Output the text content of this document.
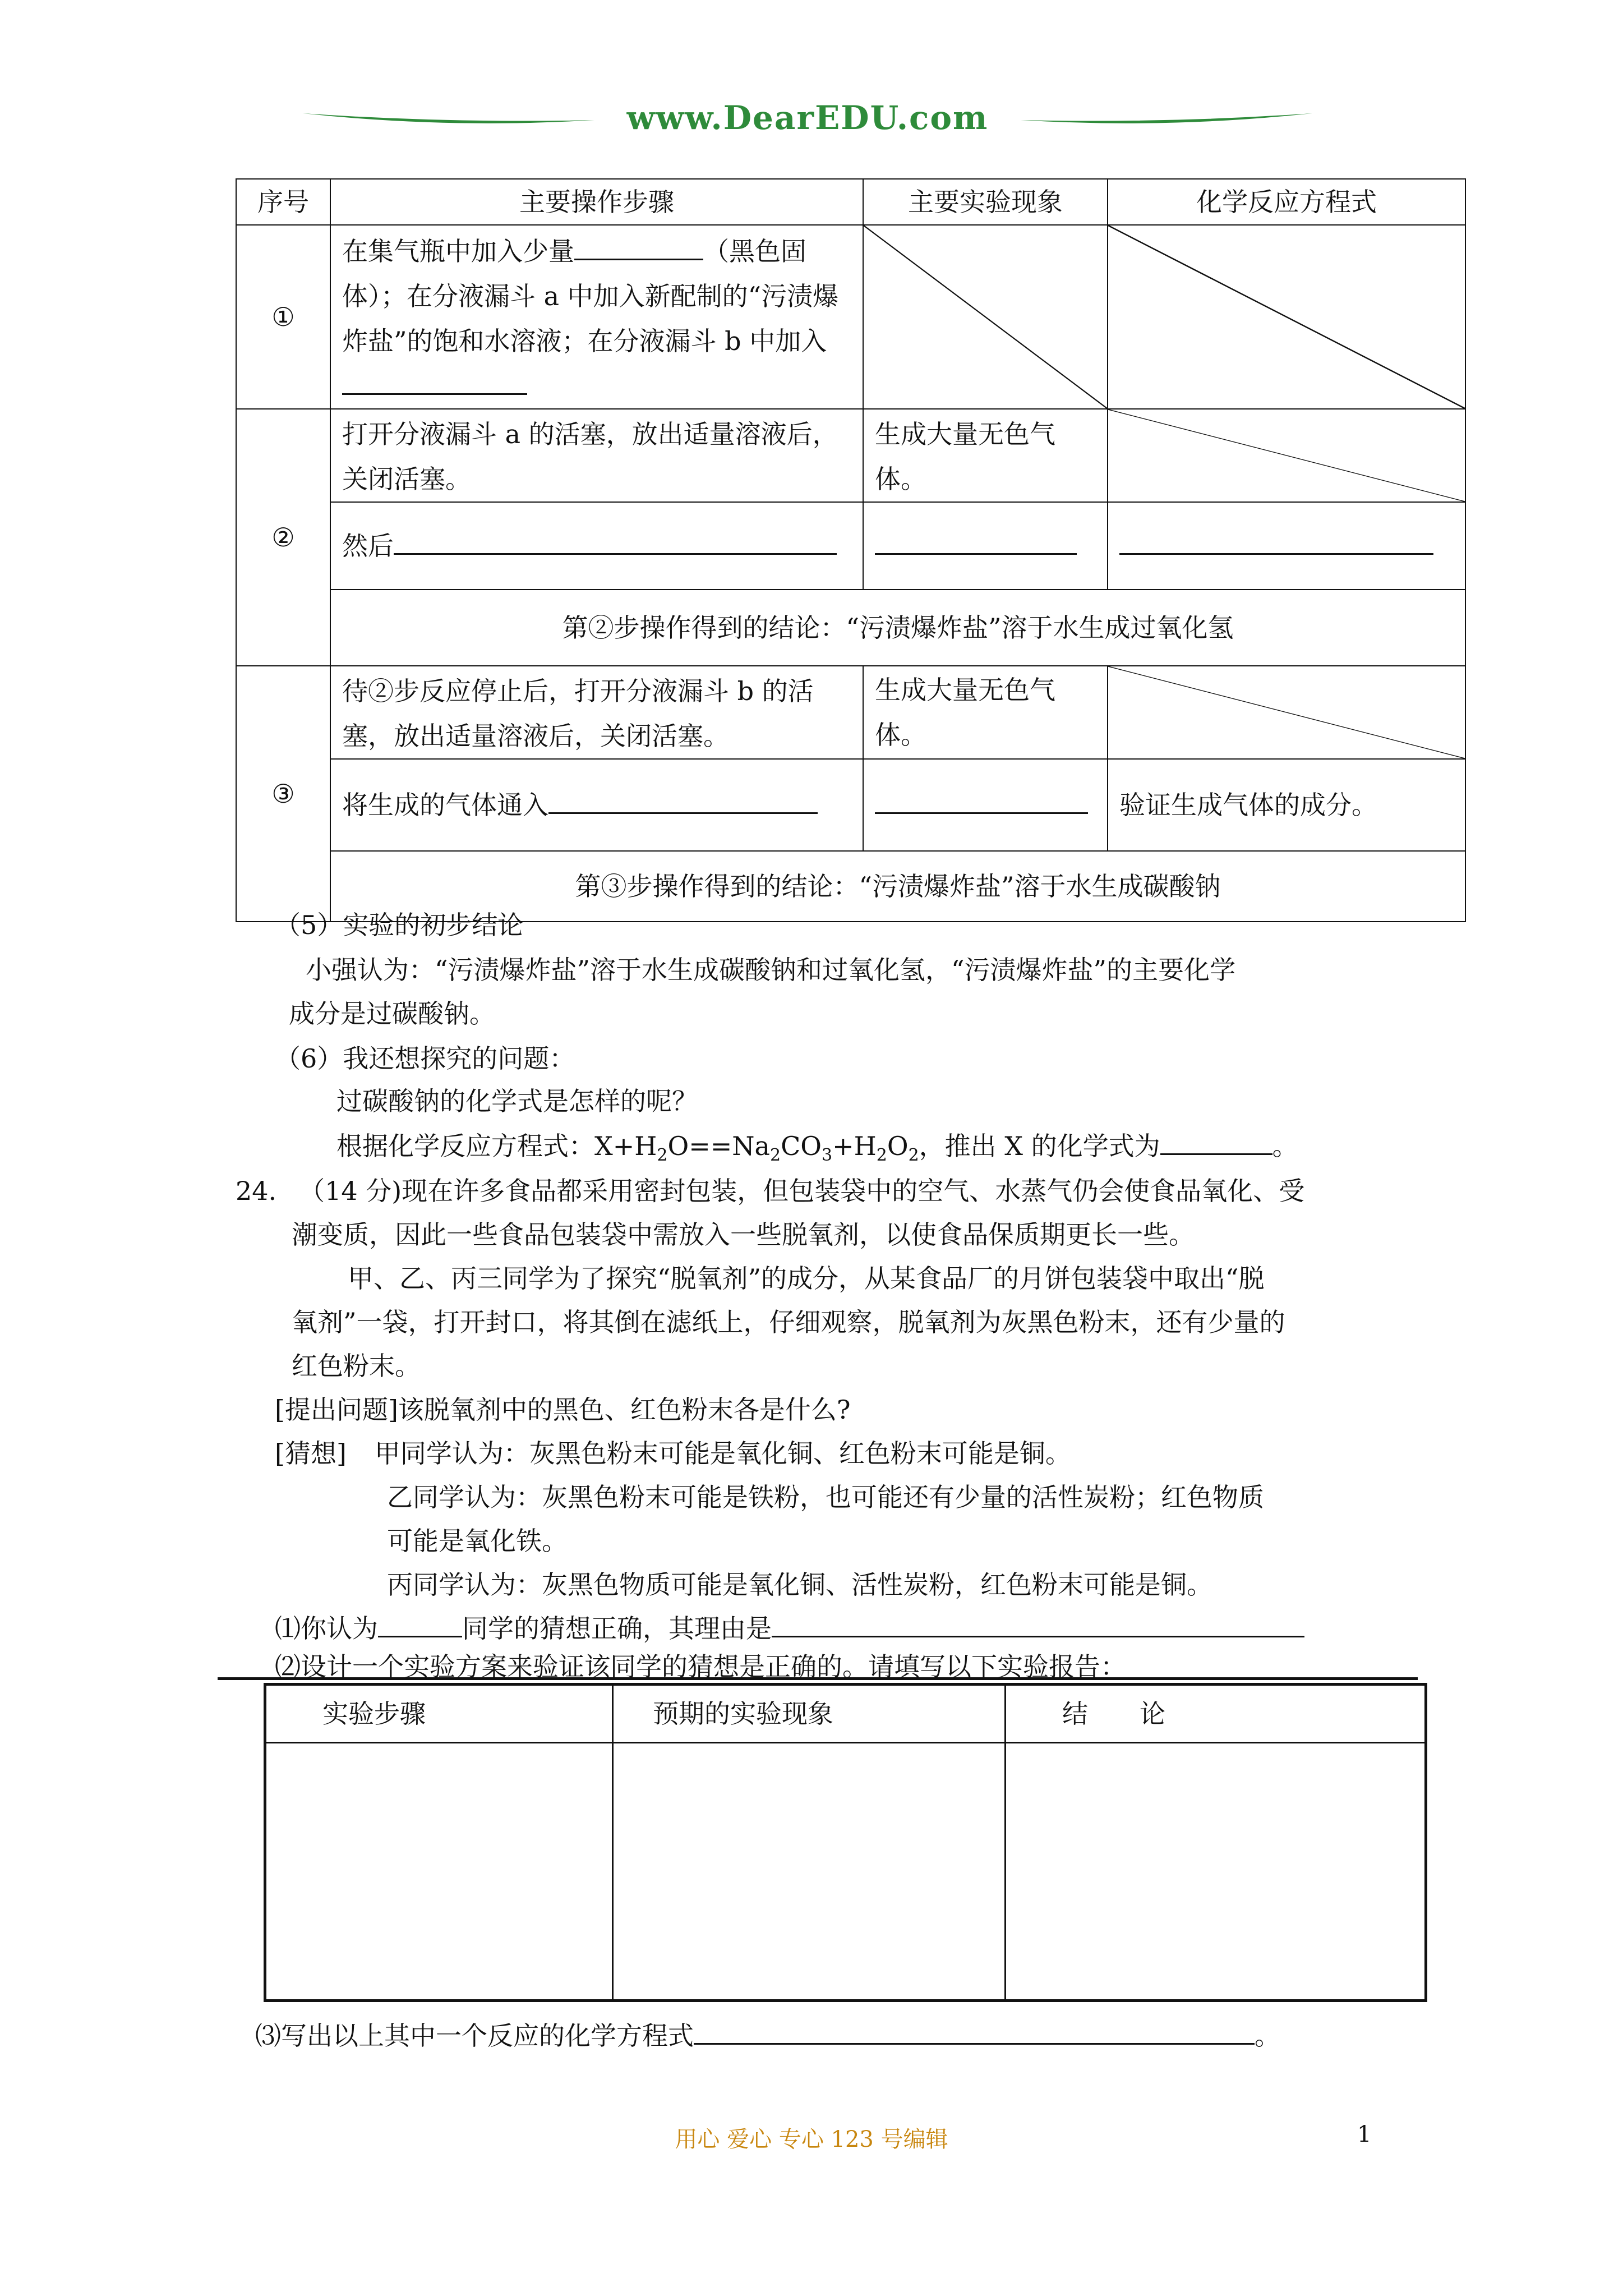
www.DearEDU.com
序号	主要操作步骤	主要实验现象	化学反应方程式
①	在集气瓶中加入少量 （黑色固体）；在分液漏斗 a 中加入新配制的“污渍爆炸盐”的饱和水溶液；在分液漏斗 b 中加入	

②	打开分液漏斗 a 的活塞，放出适量溶液后，关闭活塞。	生成大量无色气体。	

	然后		
	第②步操作得到的结论：“污渍爆炸盐”溶于水生成过氧化氢		
③	待②步反应停止后，打开分液漏斗 b 的活塞，放出适量溶液后，关闭活塞。	生成大量无色气体。	

	将生成的气体通入		验证生成气体的成分。
	第③步操作得到的结论：“污渍爆炸盐”溶于水生成碳酸钠		
（5）实验的初步结论
小强认为：“污渍爆炸盐”溶于水生成碳酸钠和过氧化氢，“污渍爆炸盐”的主要化学
成分是过碳酸钠。
（6）我还想探究的问题：
过碳酸钠的化学式是怎样的呢？
根据化学反应方程式：$X+H_2O==Na_2CO_3+H_2O_2$，推出 X 的化学式为	。
24. （14 分)现在许多食品都采用密封包装，但包装袋中的空气、水蒸气仍会使食品氧化、受
潮变质，因此一些食品包装袋中需放入一些脱氧剂，以使食品保质期更长一些。
甲、乙、丙三同学为了探究“脱氧剂”的成分，从某食品厂的月饼包装袋中取出“脱
氧剂”一袋，打开封口，将其倒在滤纸上，仔细观察，脱氧剂为灰黑色粉末，还有少量的
红色粉末。
[提出问题]该脱氧剂中的黑色、红色粉末各是什么?
[猜想] 甲同学认为：灰黑色粉末可能是氧化铜、红色粉末可能是铜。
乙同学认为：灰黑色粉末可能是铁粉，也可能还有少量的活性炭粉；红色物质
可能是氧化铁。
丙同学认为：灰黑色物质可能是氧化铜、活性炭粉，红色粉末可能是铜。
⑴你认为	同学的猜想正确，其理由是
⑵设计一个实验方案来验证该同学的猜想是正确的。请填写以下实验报告：
实验步骤	预期的实验现象	结　　论

⑶写出以上其中一个反应的化学方程式	。
用心 爱心 专心 123 号编辑	1
